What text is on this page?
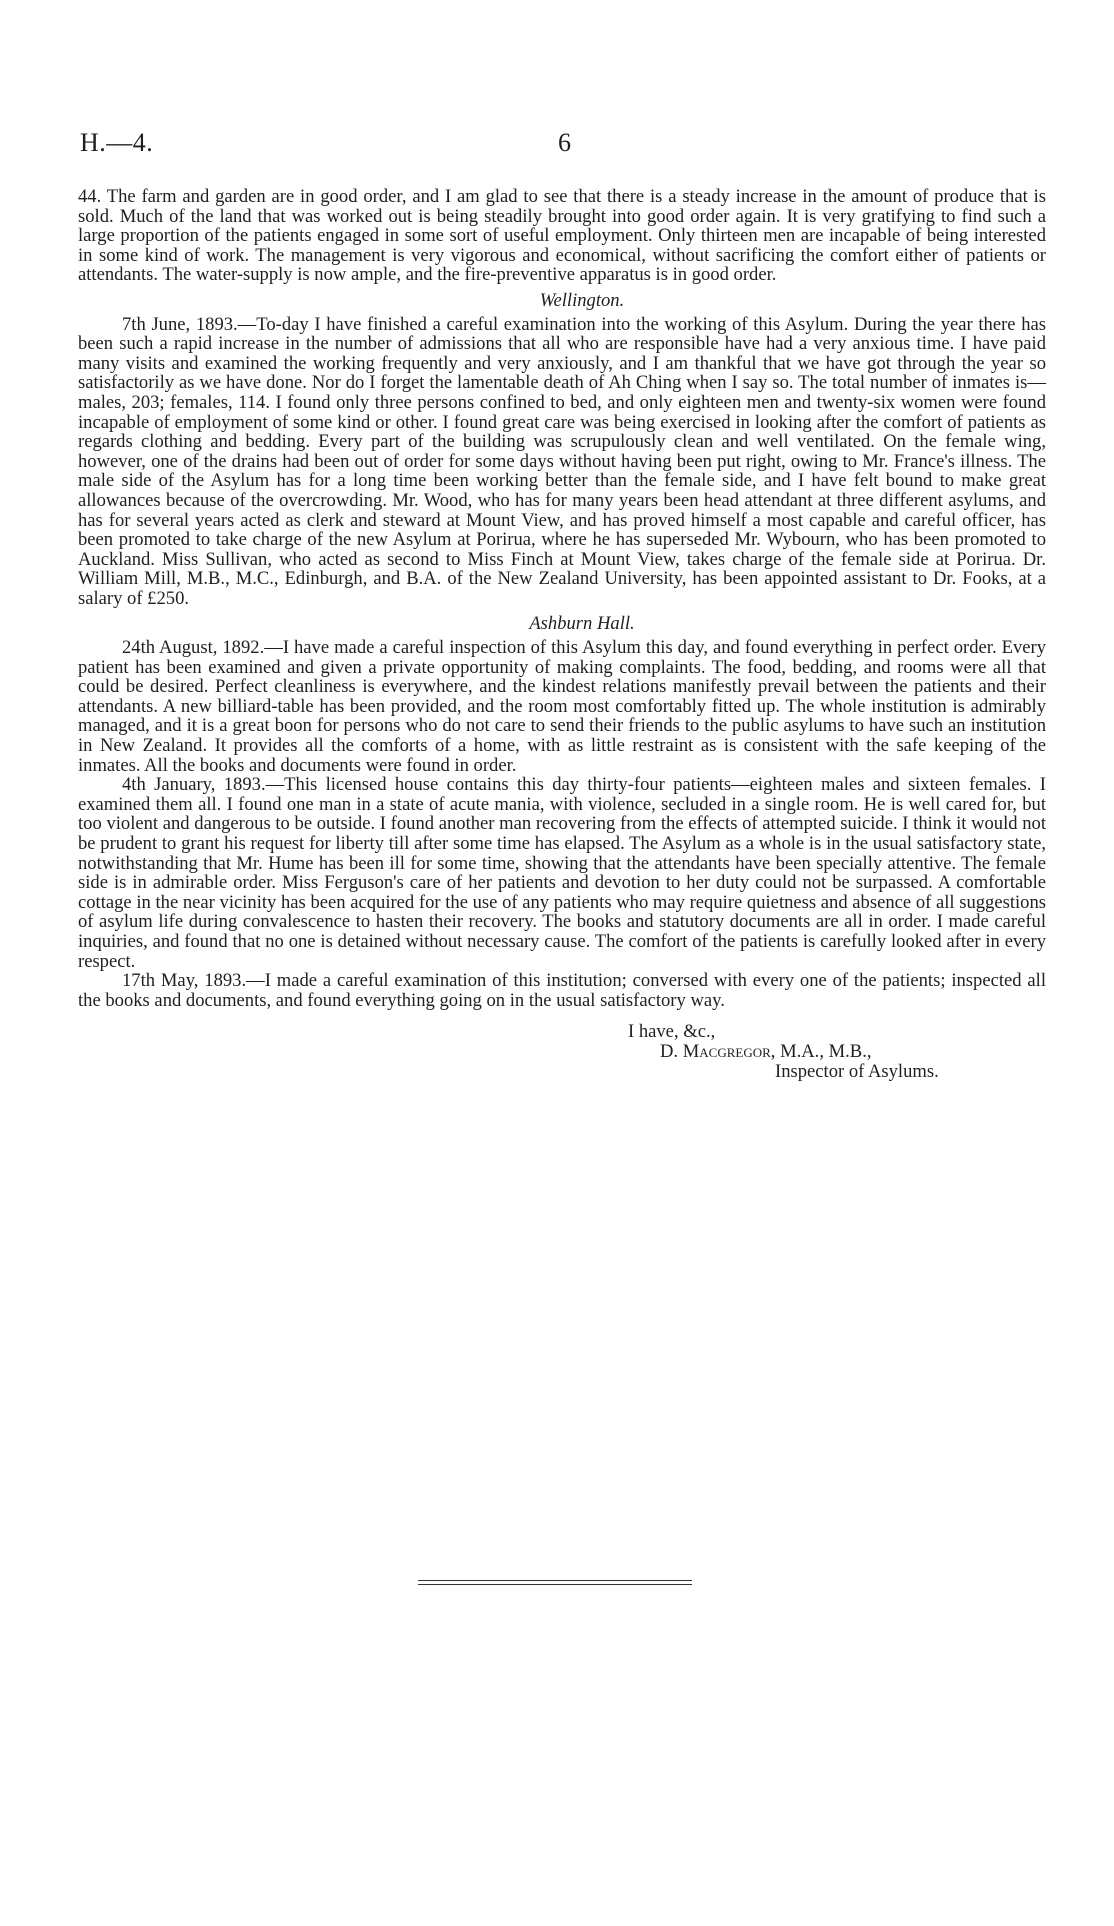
H.—4.	6

44. The farm and garden are in good order, and I am glad to see that there is a steady increase in the amount of produce that is sold. Much of the land that was worked out is being steadily brought into good order again. It is very gratifying to find such a large proportion of the patients engaged in some sort of useful employment. Only thirteen men are incapable of being interested in some kind of work. The management is very vigorous and economical, without sacrificing the comfort either of patients or attendants. The water-supply is now ample, and the fire-preventive apparatus is in good order.

Wellington.

7th June, 1893.—To-day I have finished a careful examination into the working of this Asylum. During the year there has been such a rapid increase in the number of admissions that all who are responsible have had a very anxious time. I have paid many visits and examined the working frequently and very anxiously, and I am thankful that we have got through the year so satisfactorily as we have done. Nor do I forget the lamentable death of Ah Ching when I say so. The total number of inmates is—males, 203; females, 114. I found only three persons confined to bed, and only eighteen men and twenty-six women were found incapable of employment of some kind or other. I found great care was being exercised in looking after the comfort of patients as regards clothing and bedding. Every part of the building was scrupulously clean and well ventilated. On the female wing, however, one of the drains had been out of order for some days without having been put right, owing to Mr. France's illness. The male side of the Asylum has for a long time been working better than the female side, and I have felt bound to make great allowances because of the overcrowding. Mr. Wood, who has for many years been head attendant at three different asylums, and has for several years acted as clerk and steward at Mount View, and has proved himself a most capable and careful officer, has been promoted to take charge of the new Asylum at Porirua, where he has superseded Mr. Wybourn, who has been promoted to Auckland. Miss Sullivan, who acted as second to Miss Finch at Mount View, takes charge of the female side at Porirua. Dr. William Mill, M.B., M.C., Edinburgh, and B.A. of the New Zealand University, has been appointed assistant to Dr. Fooks, at a salary of £250.

Ashburn Hall.

24th August, 1892.—I have made a careful inspection of this Asylum this day, and found everything in perfect order. Every patient has been examined and given a private opportunity of making complaints. The food, bedding, and rooms were all that could be desired. Perfect cleanliness is everywhere, and the kindest relations manifestly prevail between the patients and their attendants. A new billiard-table has been provided, and the room most comfortably fitted up. The whole institution is admirably managed, and it is a great boon for persons who do not care to send their friends to the public asylums to have such an institution in New Zealand. It provides all the comforts of a home, with as little restraint as is consistent with the safe keeping of the inmates. All the books and documents were found in order.

4th January, 1893.—This licensed house contains this day thirty-four patients—eighteen males and sixteen females. I examined them all. I found one man in a state of acute mania, with violence, secluded in a single room. He is well cared for, but too violent and dangerous to be outside. I found another man recovering from the effects of attempted suicide. I think it would not be prudent to grant his request for liberty till after some time has elapsed. The Asylum as a whole is in the usual satisfactory state, notwithstanding that Mr. Hume has been ill for some time, showing that the attendants have been specially attentive. The female side is in admirable order. Miss Ferguson's care of her patients and devotion to her duty could not be surpassed. A comfortable cottage in the near vicinity has been acquired for the use of any patients who may require quietness and absence of all suggestions of asylum life during convalescence to hasten their recovery. The books and statutory documents are all in order. I made careful inquiries, and found that no one is detained without necessary cause. The comfort of the patients is carefully looked after in every respect.

17th May, 1893.—I made a careful examination of this institution; conversed with every one of the patients; inspected all the books and documents, and found everything going on in the usual satisfactory way.

I have, &c.,
D. Macgregor, M.A., M.B.,
Inspector of Asylums.
